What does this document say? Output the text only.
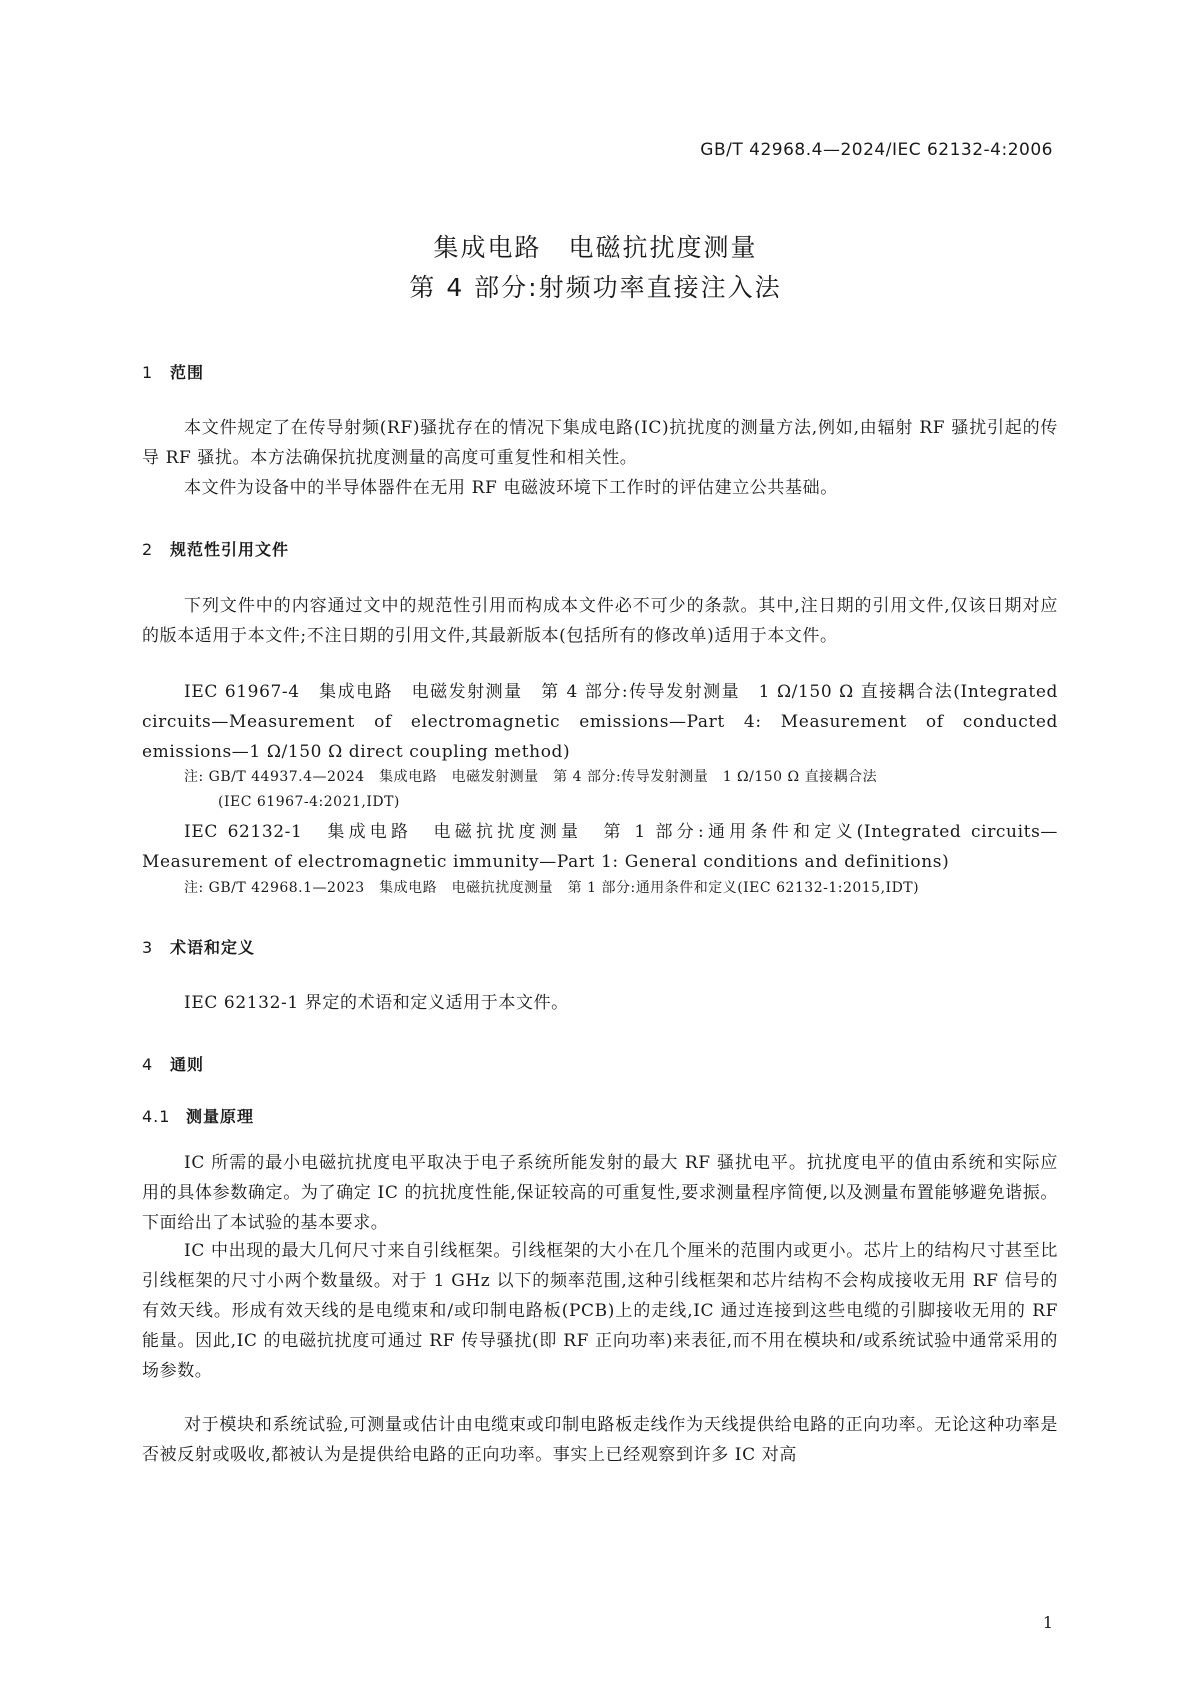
GB/T 42968.4—2024/IEC 62132-4:2006
集成电路　电磁抗扰度测量
第 4 部分:射频功率直接注入法
1 范围
本文件规定了在传导射频(RF)骚扰存在的情况下集成电路(IC)抗扰度的测量方法,例如,由辐射 RF 骚扰引起的传导 RF 骚扰。本方法确保抗扰度测量的高度可重复性和相关性。
本文件为设备中的半导体器件在无用 RF 电磁波环境下工作时的评估建立公共基础。
2 规范性引用文件
下列文件中的内容通过文中的规范性引用而构成本文件必不可少的条款。其中,注日期的引用文件,仅该日期对应的版本适用于本文件;不注日期的引用文件,其最新版本(包括所有的修改单)适用于本文件。
IEC 61967-4　集成电路　电磁发射测量　第 4 部分:传导发射测量　1 Ω/150 Ω 直接耦合法(Integrated circuits—Measurement of electromagnetic emissions—Part 4: Measurement of conducted emissions—1 Ω/150 Ω direct coupling method)
注: GB/T 44937.4—2024　集成电路　电磁发射测量　第 4 部分:传导发射测量　1 Ω/150 Ω 直接耦合法
(IEC 61967-4:2021,IDT)
IEC 62132-1　集成电路　电磁抗扰度测量　第 1 部分:通用条件和定义(Integrated circuits—Measurement of electromagnetic immunity—Part 1: General conditions and definitions)
注: GB/T 42968.1—2023　集成电路　电磁抗扰度测量　第 1 部分:通用条件和定义(IEC 62132-1:2015,IDT)
3 术语和定义
IEC 62132-1 界定的术语和定义适用于本文件。
4 通则
4.1 测量原理
IC 所需的最小电磁抗扰度电平取决于电子系统所能发射的最大 RF 骚扰电平。抗扰度电平的值由系统和实际应用的具体参数确定。为了确定 IC 的抗扰度性能,保证较高的可重复性,要求测量程序简便,以及测量布置能够避免谐振。下面给出了本试验的基本要求。
IC 中出现的最大几何尺寸来自引线框架。引线框架的大小在几个厘米的范围内或更小。芯片上的结构尺寸甚至比引线框架的尺寸小两个数量级。对于 1 GHz 以下的频率范围,这种引线框架和芯片结构不会构成接收无用 RF 信号的有效天线。形成有效天线的是电缆束和/或印制电路板(PCB)上的走线,IC 通过连接到这些电缆的引脚接收无用的 RF 能量。因此,IC 的电磁抗扰度可通过 RF 传导骚扰(即 RF 正向功率)来表征,而不用在模块和/或系统试验中通常采用的场参数。
对于模块和系统试验,可测量或估计由电缆束或印制电路板走线作为天线提供给电路的正向功率。无论这种功率是否被反射或吸收,都被认为是提供给电路的正向功率。事实上已经观察到许多 IC 对高
1
